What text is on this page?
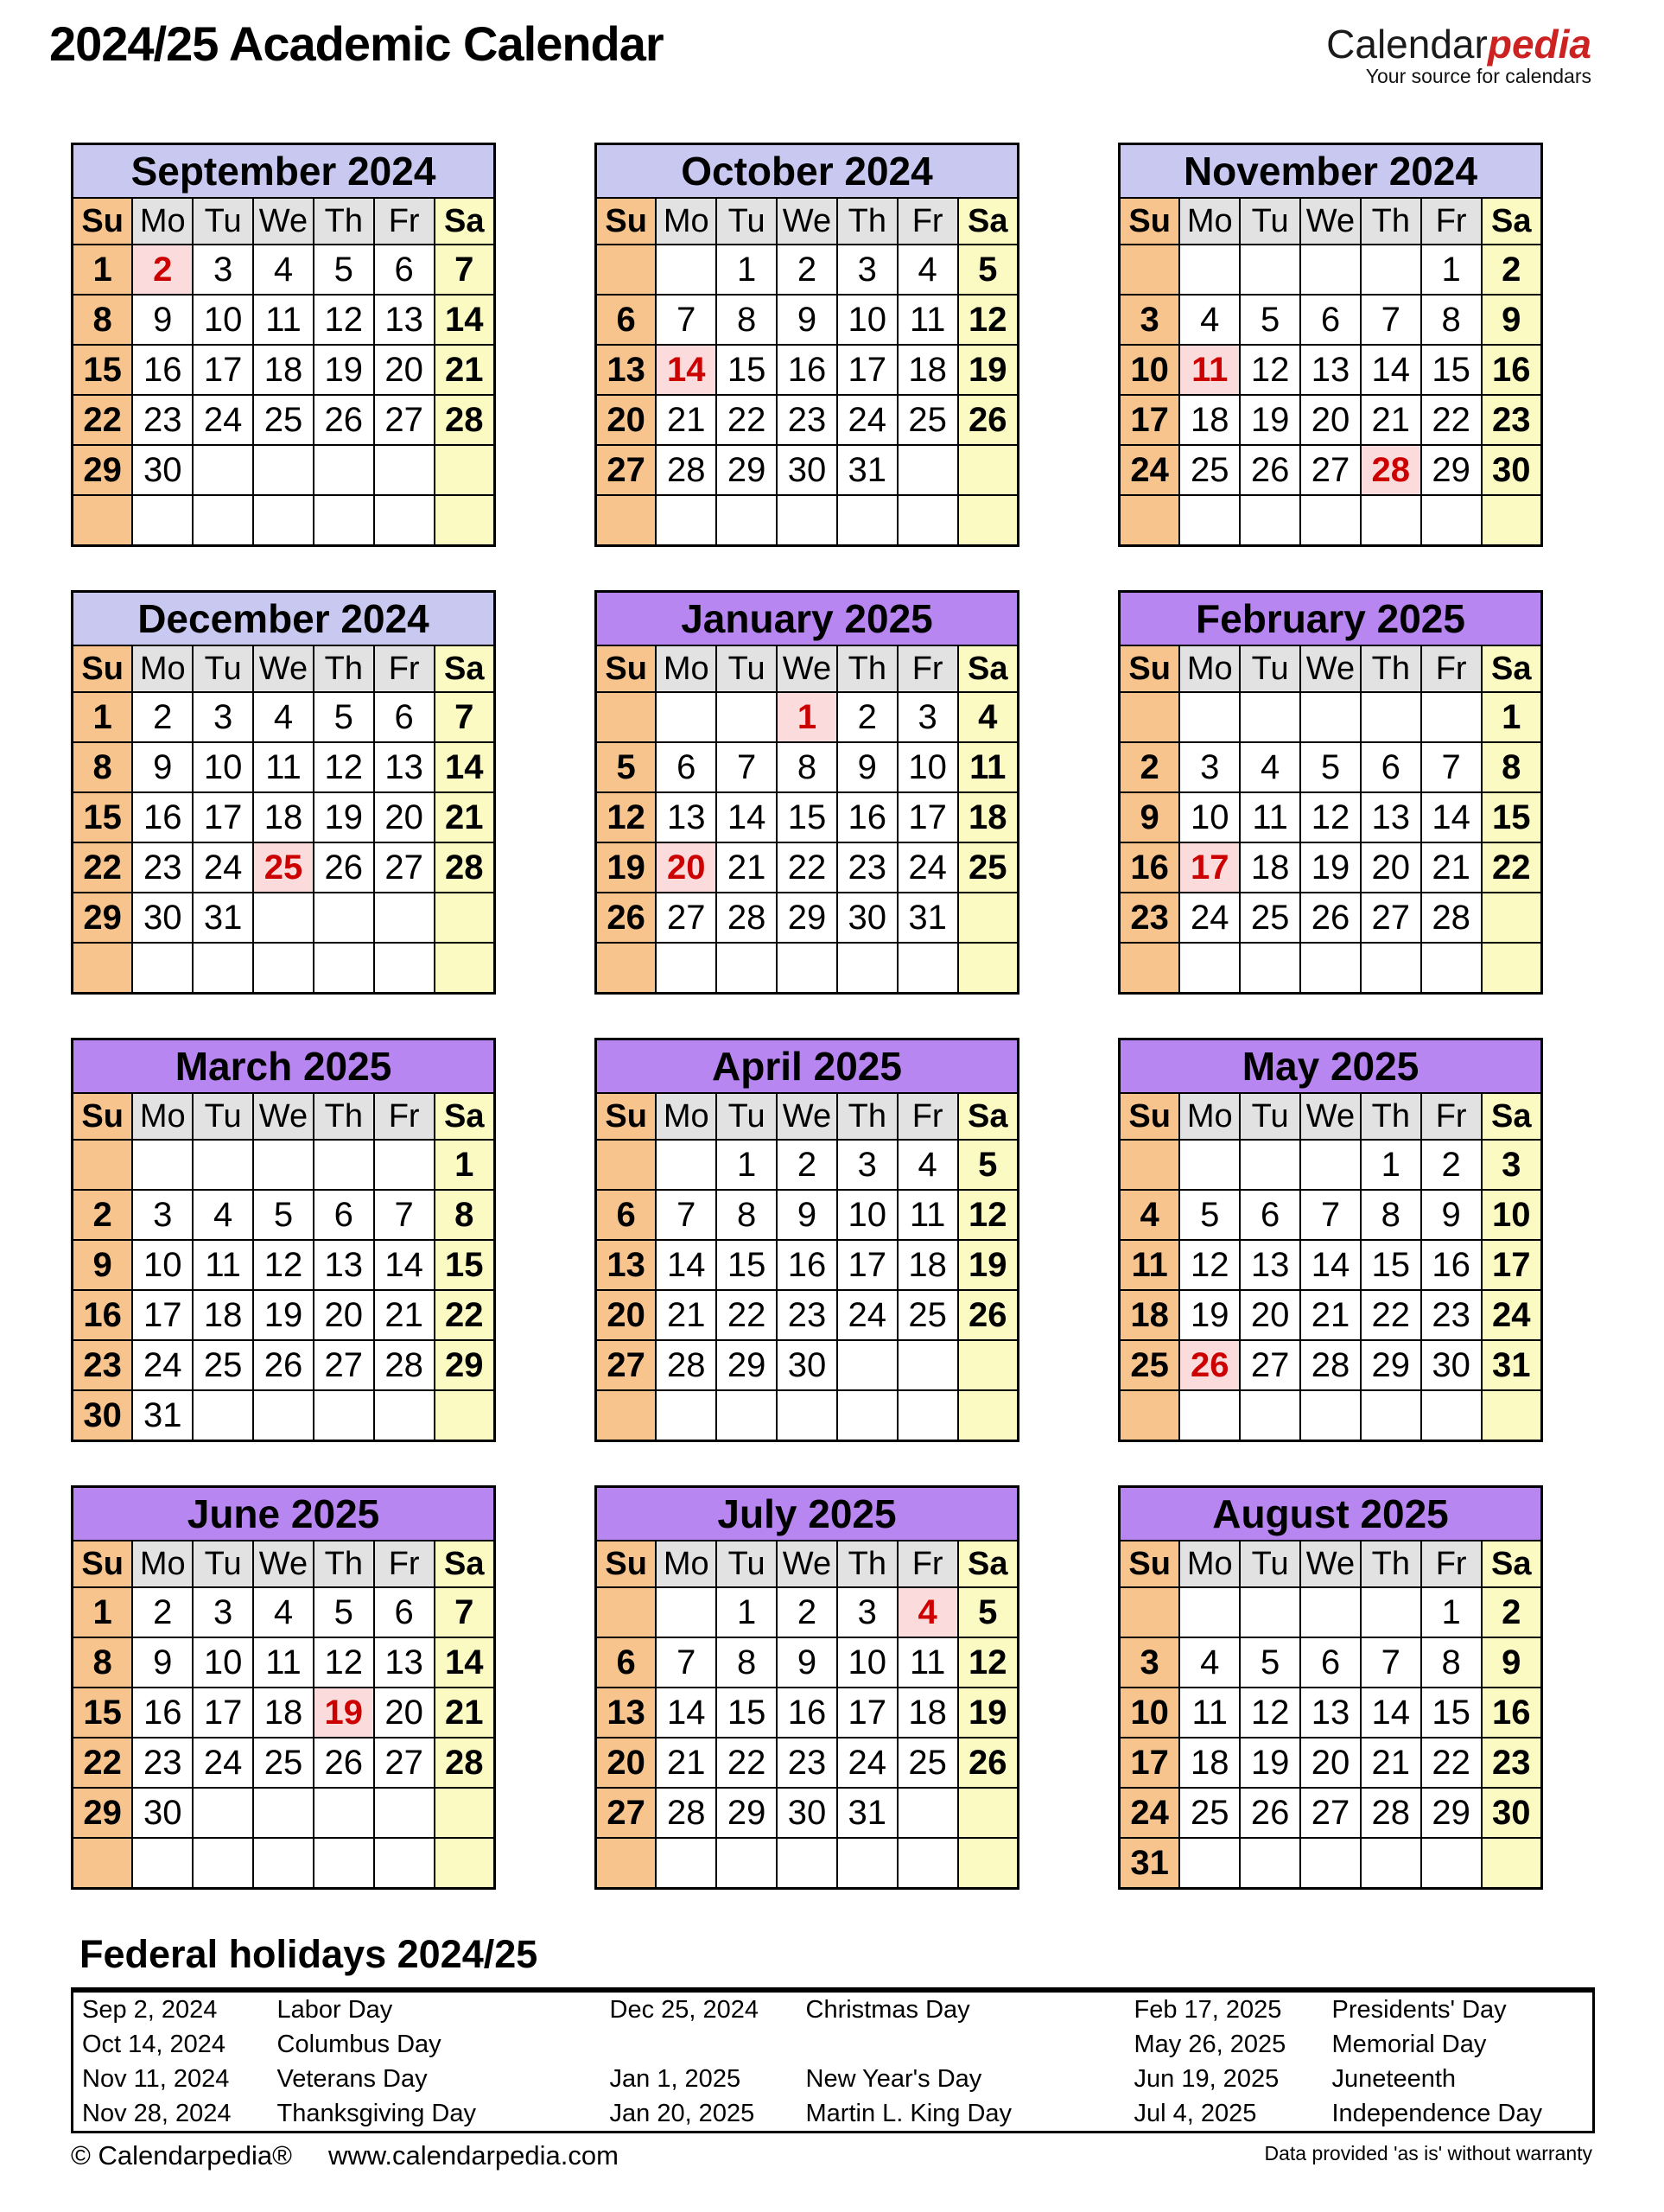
2024/25 Academic Calendar	Calendarpedia
Your source for calendars
September 2024						
Su	Mo	Tu	We	Th	Fr	Sa
1	2	3	4	5	6	7
8	9	10	11	12	13	14
15	16	17	18	19	20	21
22	23	24	25	26	27	28
29	30					

October 2024						
Su	Mo	Tu	We	Th	Fr	Sa
		1	2	3	4	5
6	7	8	9	10	11	12
13	14	15	16	17	18	19
20	21	22	23	24	25	26
27	28	29	30	31		

November 2024						
Su	Mo	Tu	We	Th	Fr	Sa
					1	2
3	4	5	6	7	8	9
10	11	12	13	14	15	16
17	18	19	20	21	22	23
24	25	26	27	28	29	30

December 2024						
Su	Mo	Tu	We	Th	Fr	Sa
1	2	3	4	5	6	7
8	9	10	11	12	13	14
15	16	17	18	19	20	21
22	23	24	25	26	27	28
29	30	31				

January 2025						
Su	Mo	Tu	We	Th	Fr	Sa
			1	2	3	4
5	6	7	8	9	10	11
12	13	14	15	16	17	18
19	20	21	22	23	24	25
26	27	28	29	30	31	

February 2025						
Su	Mo	Tu	We	Th	Fr	Sa
						1
2	3	4	5	6	7	8
9	10	11	12	13	14	15
16	17	18	19	20	21	22
23	24	25	26	27	28	

March 2025						
Su	Mo	Tu	We	Th	Fr	Sa
						1
2	3	4	5	6	7	8
9	10	11	12	13	14	15
16	17	18	19	20	21	22
23	24	25	26	27	28	29
30	31					
April 2025						
Su	Mo	Tu	We	Th	Fr	Sa
		1	2	3	4	5
6	7	8	9	10	11	12
13	14	15	16	17	18	19
20	21	22	23	24	25	26
27	28	29	30			

May 2025						
Su	Mo	Tu	We	Th	Fr	Sa
				1	2	3
4	5	6	7	8	9	10
11	12	13	14	15	16	17
18	19	20	21	22	23	24
25	26	27	28	29	30	31

June 2025						
Su	Mo	Tu	We	Th	Fr	Sa
1	2	3	4	5	6	7
8	9	10	11	12	13	14
15	16	17	18	19	20	21
22	23	24	25	26	27	28
29	30					

July 2025						
Su	Mo	Tu	We	Th	Fr	Sa
		1	2	3	4	5
6	7	8	9	10	11	12
13	14	15	16	17	18	19
20	21	22	23	24	25	26
27	28	29	30	31		

August 2025						
Su	Mo	Tu	We	Th	Fr	Sa
					1	2
3	4	5	6	7	8	9
10	11	12	13	14	15	16
17	18	19	20	21	22	23
24	25	26	27	28	29	30
31						
Federal holidays 2024/25
Sep 2, 2024	Labor Day	Dec 25, 2024	Christmas Day	Feb 17, 2025	Presidents' Day
Oct 14, 2024	Columbus Day			May 26, 2025	Memorial Day
Nov 11, 2024	Veterans Day	Jan 1, 2025	New Year's Day	Jun 19, 2025	Juneteenth
Nov 28, 2024	Thanksgiving Day	Jan 20, 2025	Martin L. King Day	Jul 4, 2025	Independence Day
© Calendarpedia® www.calendarpedia.com	Data provided 'as is' without warranty
